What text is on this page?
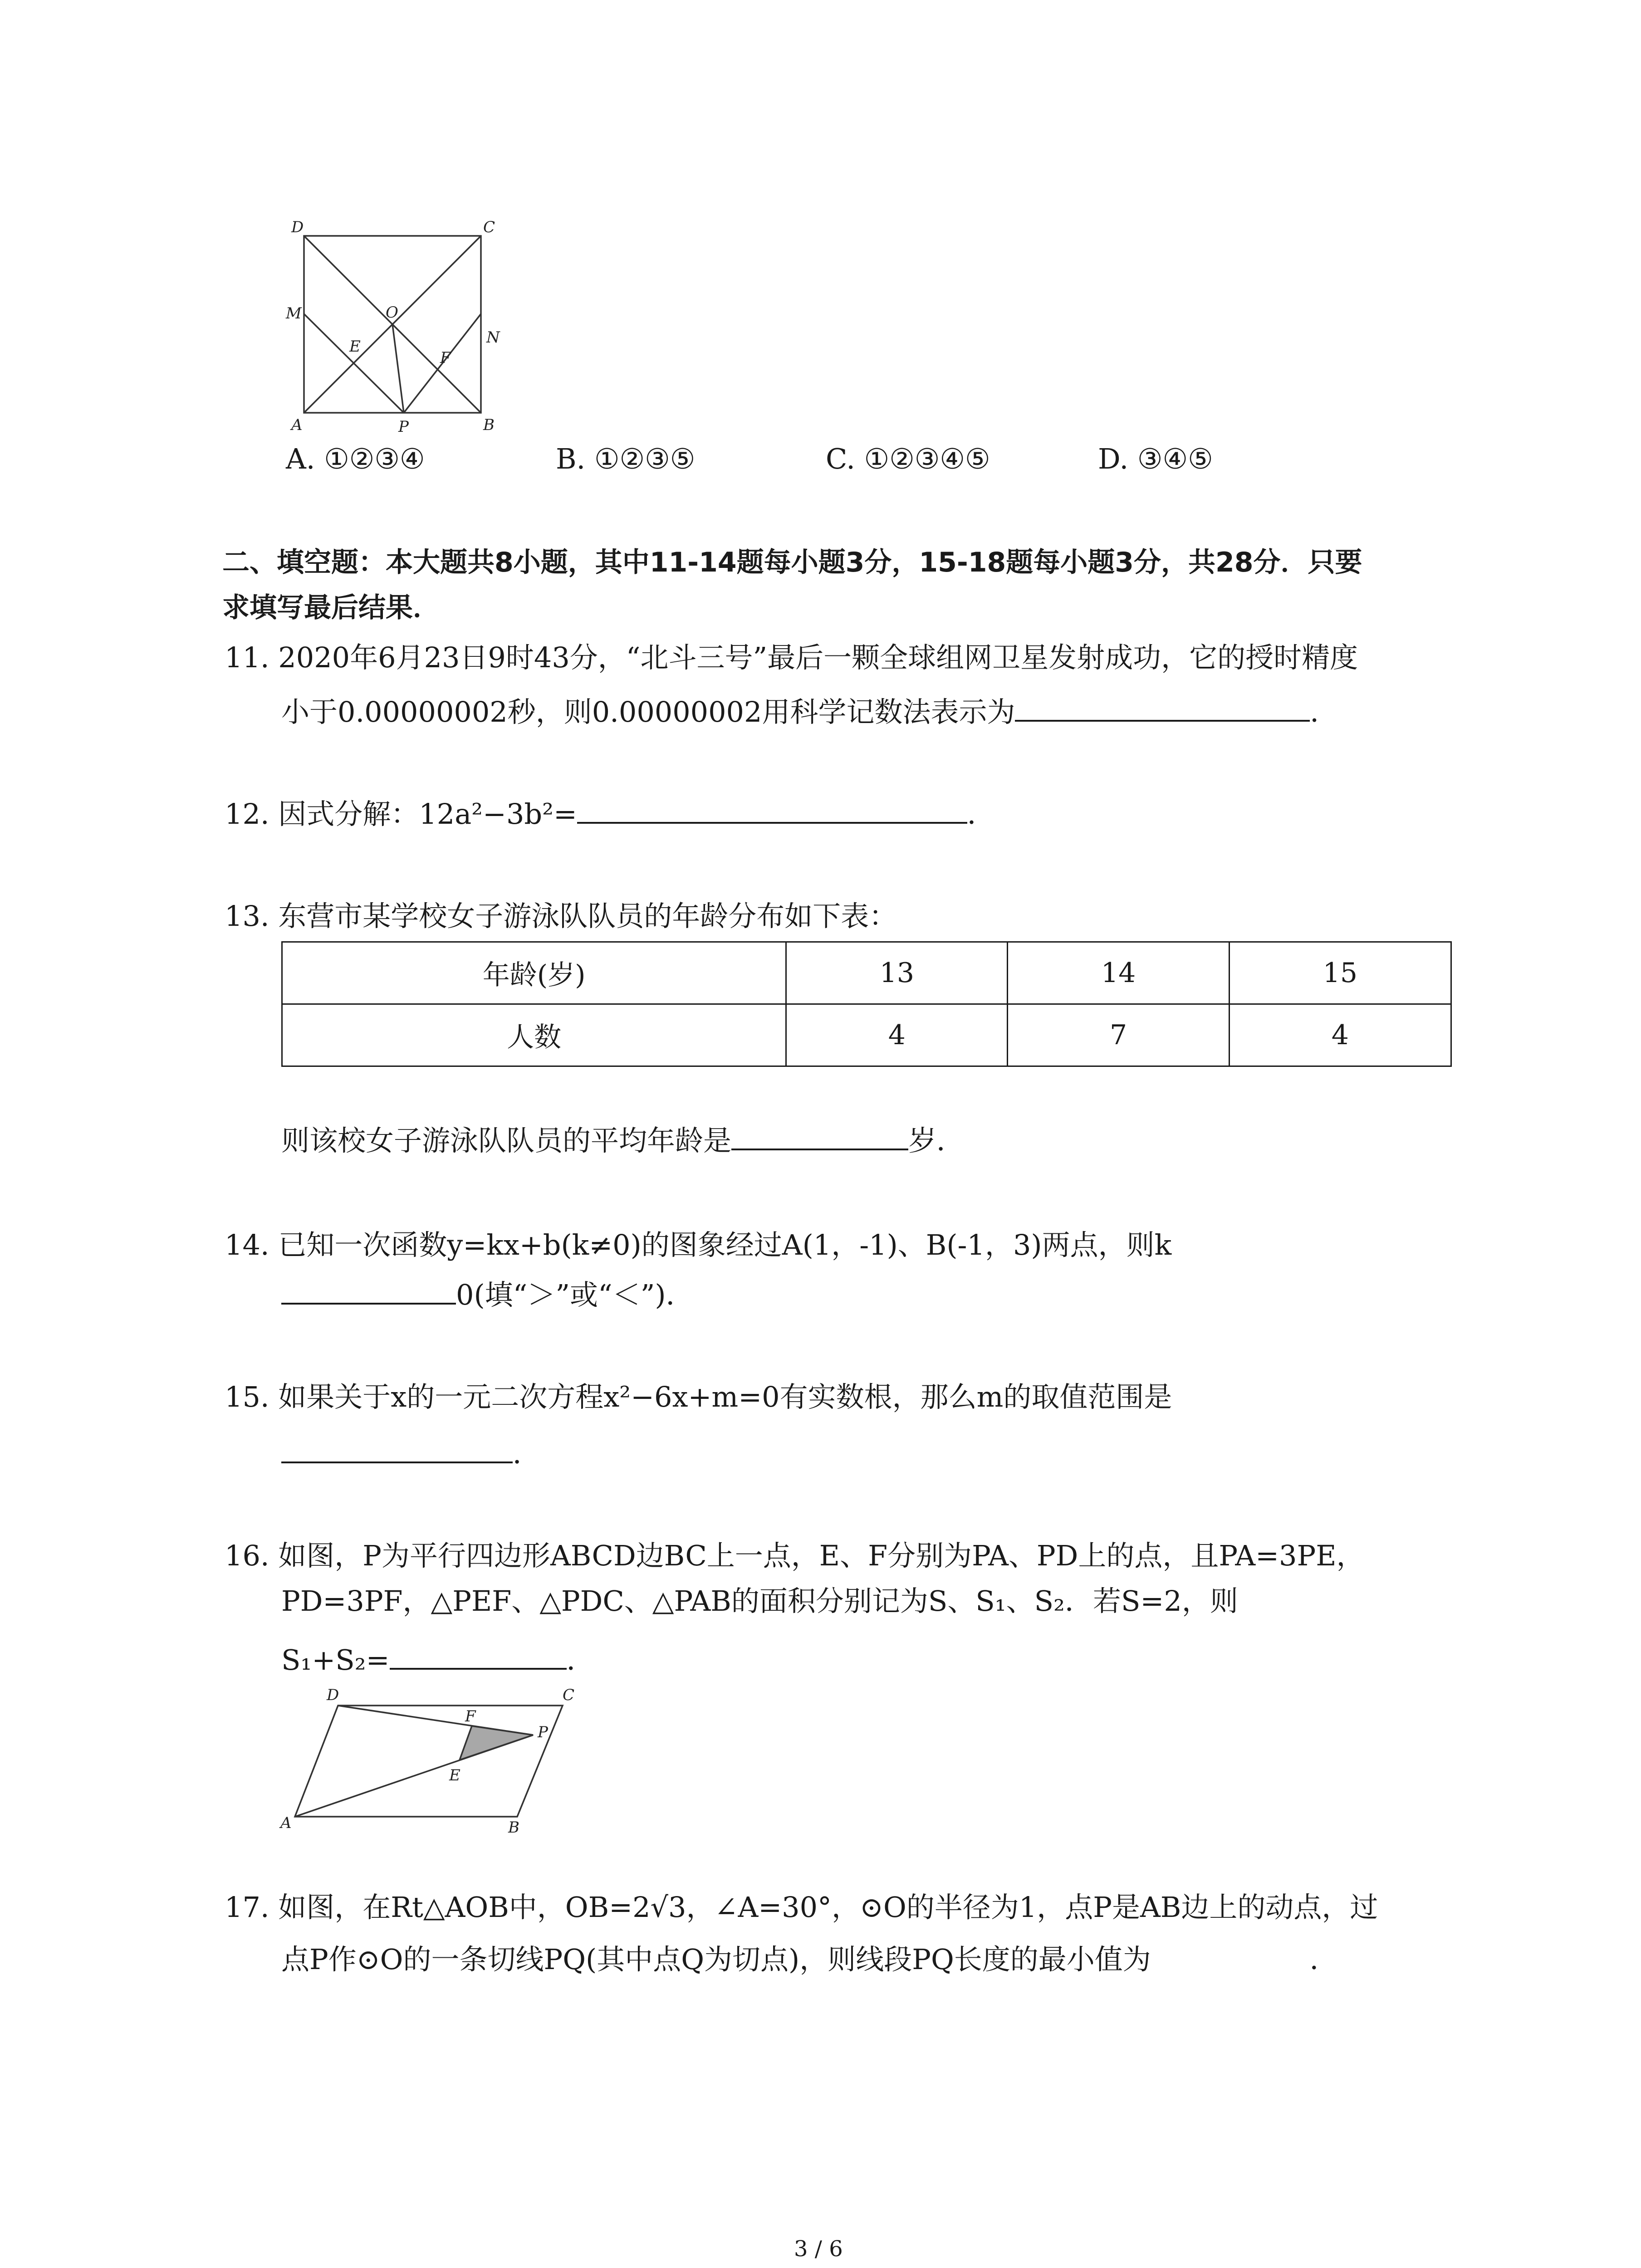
D	C
M	O
E
F
N
A	P	B
A. ①②③④	B. ①②③⑤	C. ①②③④⑤	D. ③④⑤
二、填空题：本大题共8小题，其中11-14题每小题3分，15-18题每小题3分，共28分．只要
求填写最后结果．
11. 2020年6月23日9时43分，“北斗三号”最后一颗全球组网卫星发射成功，它的授时精度
小于0.00000002秒，则0.00000002用科学记数法表示为	．
12. 因式分解：12a²−3b²=	．
13. 东营市某学校女子游泳队队员的年龄分布如下表：
年龄(岁)	13	14	15
人数	4	7	4
则该校女子游泳队队员的平均年龄是	岁．
14. 已知一次函数y=kx+b(k≠0)的图象经过A(1，-1)、B(-1，3)两点，则k
0(填“＞”或“＜”)．
15. 如果关于x的一元二次方程x²−6x+m=0有实数根，那么m的取值范围是
．
16. 如图，P为平行四边形ABCD边BC上一点，E、F分别为PA、PD上的点，且PA=3PE，
PD=3PF，△PEF、△PDC、△PAB的面积分别记为S、S₁、S₂．若S=2，则
S₁+S₂=	．
D	C
F
P
E
A	B
17. 如图，在Rt△AOB中，OB=2√3，∠A=30°，⊙O的半径为1，点P是AB边上的动点，过
点P作⊙O的一条切线PQ(其中点Q为切点)，则线段PQ长度的最小值为	．
3 / 6
